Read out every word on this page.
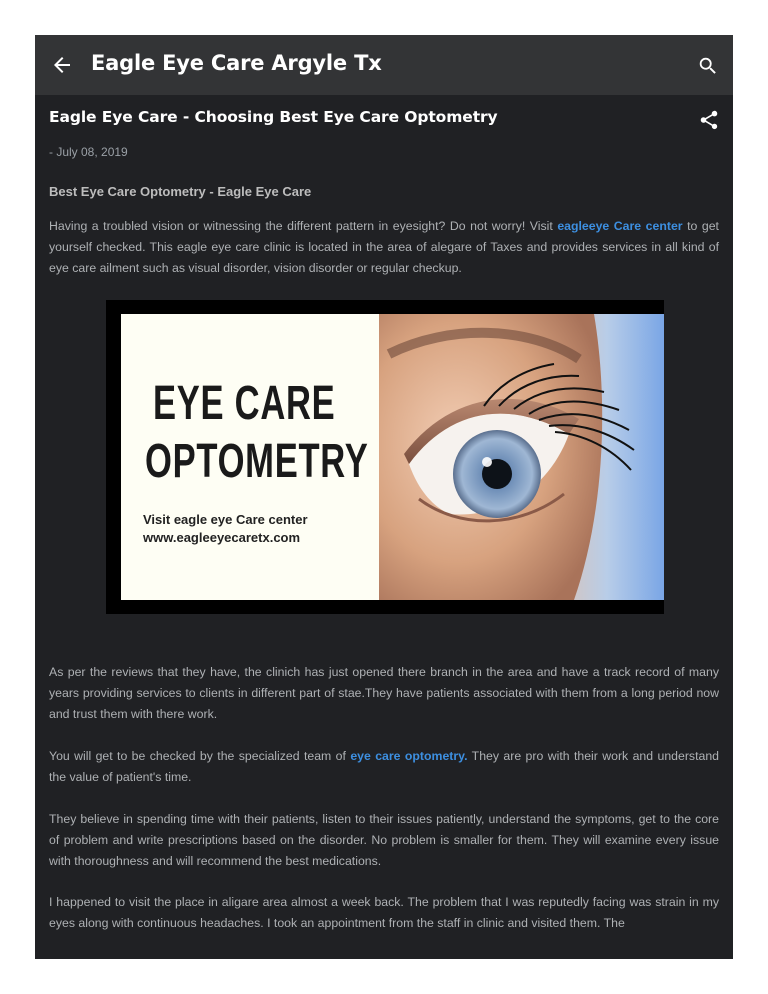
Eagle Eye Care Argyle Tx
Eagle Eye Care - Choosing Best Eye Care Optometry
- July 08, 2019
Best Eye Care Optometry - Eagle Eye Care

Having a troubled vision or witnessing the different pattern in eyesight? Do not worry! Visit eagleeye Care center to get yourself checked. This eagle eye care clinic is located in the area of alegare of Taxes and provides services in all kind of eye care ailment such as visual disorder, vision disorder or regular checkup.

EYE CARE
OPTOMETRY
Visit eagle eye Care center
www.eagleeyecaretx.com

As per the reviews that they have, the clinich has just opened there branch in the area and have a track record of many years providing services to clients in different part of stae.They have patients associated with them from a long period now and trust them with there work.

You will get to be checked by the specialized team of eye care optometry. They are pro with their work and understand the value of patient's time.

They believe in spending time with their patients, listen to their issues patiently, understand the symptoms, get to the core of problem and write prescriptions based on the disorder. No problem is smaller for them. They will examine every issue with thoroughness and will recommend the best medications.

I happened to visit the place in aligare area almost a week back. The problem that I was reputedly facing was strain in my eyes along with continuous headaches. I took an appointment from the staff in clinic and visited them. The
